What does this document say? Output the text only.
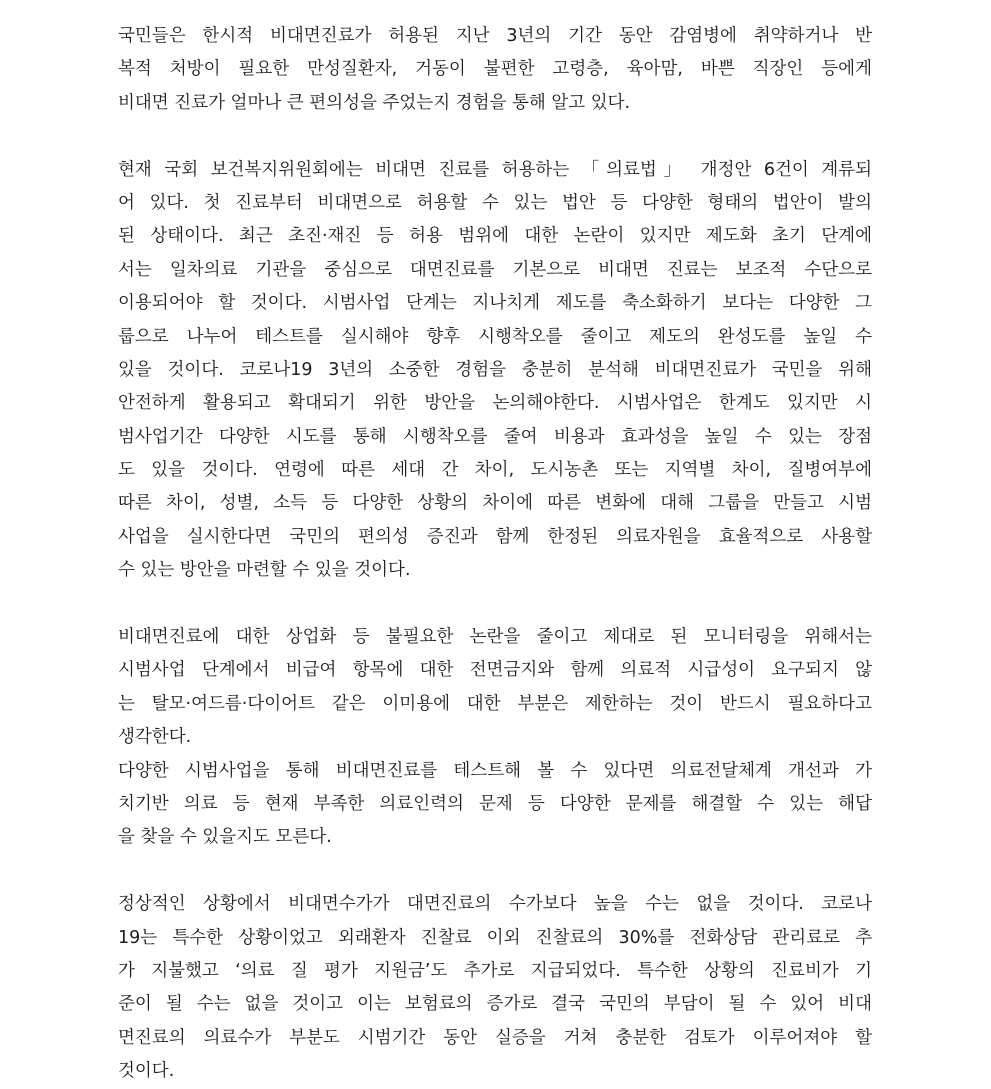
국민들은 한시적 비대면진료가 허용된 지난 3년의 기간 동안 감염병에 취약하거나 반
복적 처방이 필요한 만성질환자, 거동이 불편한 고령층, 육아맘, 바쁜 직장인 등에게
비대면 진료가 얼마나 큰 편의성을 주었는지 경험을 통해 알고 있다.
현재 국회 보건복지위원회에는 비대면 진료를 허용하는 「의료법」 개정안 6건이 계류되
어 있다. 첫 진료부터 비대면으로 허용할 수 있는 법안 등 다양한 형태의 법안이 발의
된 상태이다. 최근 초진·재진 등 허용 범위에 대한 논란이 있지만 제도화 초기 단계에
서는 일차의료 기관을 중심으로 대면진료를 기본으로 비대면 진료는 보조적 수단으로
이용되어야 할 것이다. 시범사업 단계는 지나치게 제도를 축소화하기 보다는 다양한 그
룹으로 나누어 테스트를 실시해야 향후 시행착오를 줄이고 제도의 완성도를 높일 수
있을 것이다. 코로나19 3년의 소중한 경험을 충분히 분석해 비대면진료가 국민을 위해
안전하게 활용되고 확대되기 위한 방안을 논의해야한다. 시범사업은 한계도 있지만 시
범사업기간 다양한 시도를 통해 시행착오를 줄여 비용과 효과성을 높일 수 있는 장점
도 있을 것이다. 연령에 따른 세대 간 차이, 도시농촌 또는 지역별 차이, 질병여부에
따른 차이, 성별, 소득 등 다양한 상황의 차이에 따른 변화에 대해 그룹을 만들고 시범
사업을 실시한다면 국민의 편의성 증진과 함께 한정된 의료자원을 효율적으로 사용할
수 있는 방안을 마련할 수 있을 것이다.
비대면진료에 대한 상업화 등 불필요한 논란을 줄이고 제대로 된 모니터링을 위해서는
시범사업 단계에서 비급여 항목에 대한 전면금지와 함께 의료적 시급성이 요구되지 않
는 탈모·여드름·다이어트 같은 이미용에 대한 부분은 제한하는 것이 반드시 필요하다고
생각한다.
다양한 시범사업을 통해 비대면진료를 테스트해 볼 수 있다면 의료전달체계 개선과 가
치기반 의료 등 현재 부족한 의료인력의 문제 등 다양한 문제를 해결할 수 있는 해답
을 찾을 수 있을지도 모른다.
정상적인 상황에서 비대면수가가 대면진료의 수가보다 높을 수는 없을 것이다. 코로나
19는 특수한 상황이었고 외래환자 진찰료 이외 진찰료의 30%를 전화상담 관리료로 추
가 지불했고 ‘의료 질 평가 지원금’도 추가로 지급되었다. 특수한 상황의 진료비가 기
준이 될 수는 없을 것이고 이는 보험료의 증가로 결국 국민의 부담이 될 수 있어 비대
면진료의 의료수가 부분도 시범기간 동안 실증을 거쳐 충분한 검토가 이루어져야 할
것이다.
